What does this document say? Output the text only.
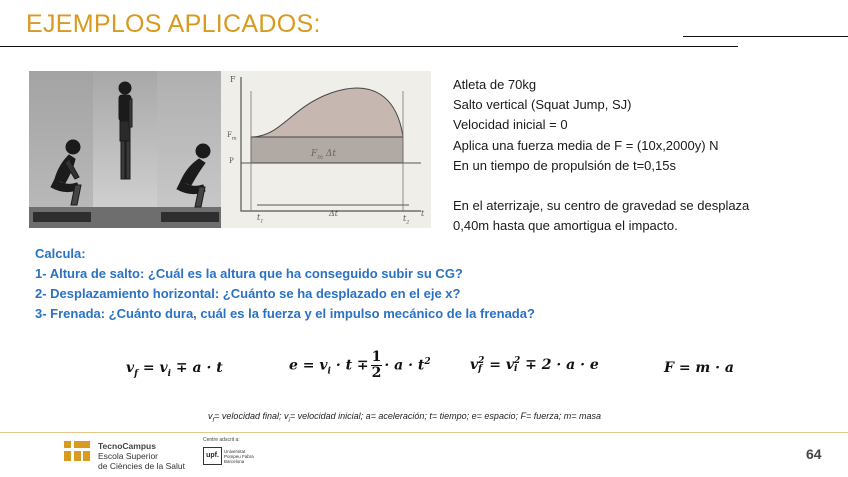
EJEMPLOS APLICADOS:
F
$F_m$
P
$F_m$ Δt
$t_1$
Δt
$t_2$
t
Atleta de 70kg
Salto vertical (Squat Jump, SJ)
Velocidad inicial = 0
Aplica una fuerza media de F = (10x,2000y) N
En un tiempo de propulsión de t=0,15s
En el aterrizaje, su centro de gravedad se desplaza
0,40m hasta que amortigua el impacto.
Calcula:
1- Altura de salto: ¿Cuál es la altura que ha conseguido subir su CG?
2- Desplazamiento horizontal: ¿Cuánto se ha desplazado en el eje x?
3- Frenada: ¿Cuánto dura, cuál es la fuerza y el impulso mecánico de la frenada?
$v_f = v_i \mp a \cdot t$	$e = v_i \cdot t \mp \frac{1}{2} \cdot a \cdot t^2$	v 2
f = v 2
i ∓ 2 · a · e	F = m · a
$v_f=$ velocidad final; $v_i=$ velocidad inicial; a= aceleración; t= tiempo; e= espacio; F= fuerza; m= masa
TecnoCampus
Escola Superior
de Ciències de la Salut
Centre adscrit a:
upf.
Universitat
Pompeu Fabra
Barcelona	64
